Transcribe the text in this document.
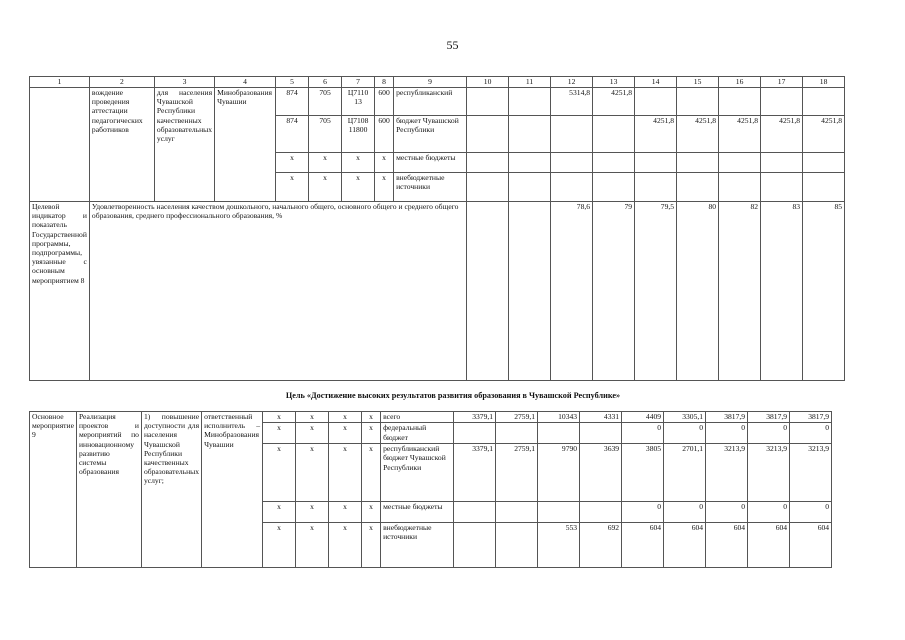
55
1	2	3	4	5	6	7	8	9	10	11	12	13	14	15	16	17	18
	вождение проведения аттестации педагогических работников	для населения Чувашской Республики качественных образовательных услуг	Минобразования Чувашии	874	705	Ц7110 13	600	республиканский			5314,8	4251,8					
				874	705	Ц7108 11800	600	бюджет Чувашской Республики					4251,8	4251,8	4251,8	4251,8	4251,8
				x	x	x	x	местные бюджеты									
				x	x	x	x	внебюджетные источники									
Целевой индикатор и показатель Государственной программы, подпрограммы, увязанные с основным мероприятием 8	Удовлетворенность населения качеством дошкольного, начального общего, основного общего и среднего общего образования, среднего профессионального образования, %										78,6	79	79,5	80	82	83	85
Цель «Достижение высоких результатов развития образования в Чувашской Республике»
Основное мероприятие 9	Реализация проектов и мероприятий по инновационному развитию системы образования	1) повышение доступности для населения Чувашской Республики качественных образовательных услуг;	ответственный исполнитель – Минобразования Чувашии	x	x	x	x	всего	3379,1	2759,1	10343	4331	4409	3305,1	3817,9	3817,9	3817,9
				x	x	x	x	федеральный бюджет					0	0	0	0	0
				x	x	x	x	республиканский бюджет Чувашской Республики	3379,1	2759,1	9790	3639	3805	2701,1	3213,9	3213,9	3213,9
				x	x	x	x	местные бюджеты					0	0	0	0	0
				x	x	x	x	внебюджетные источники			553	692	604	604	604	604	604
